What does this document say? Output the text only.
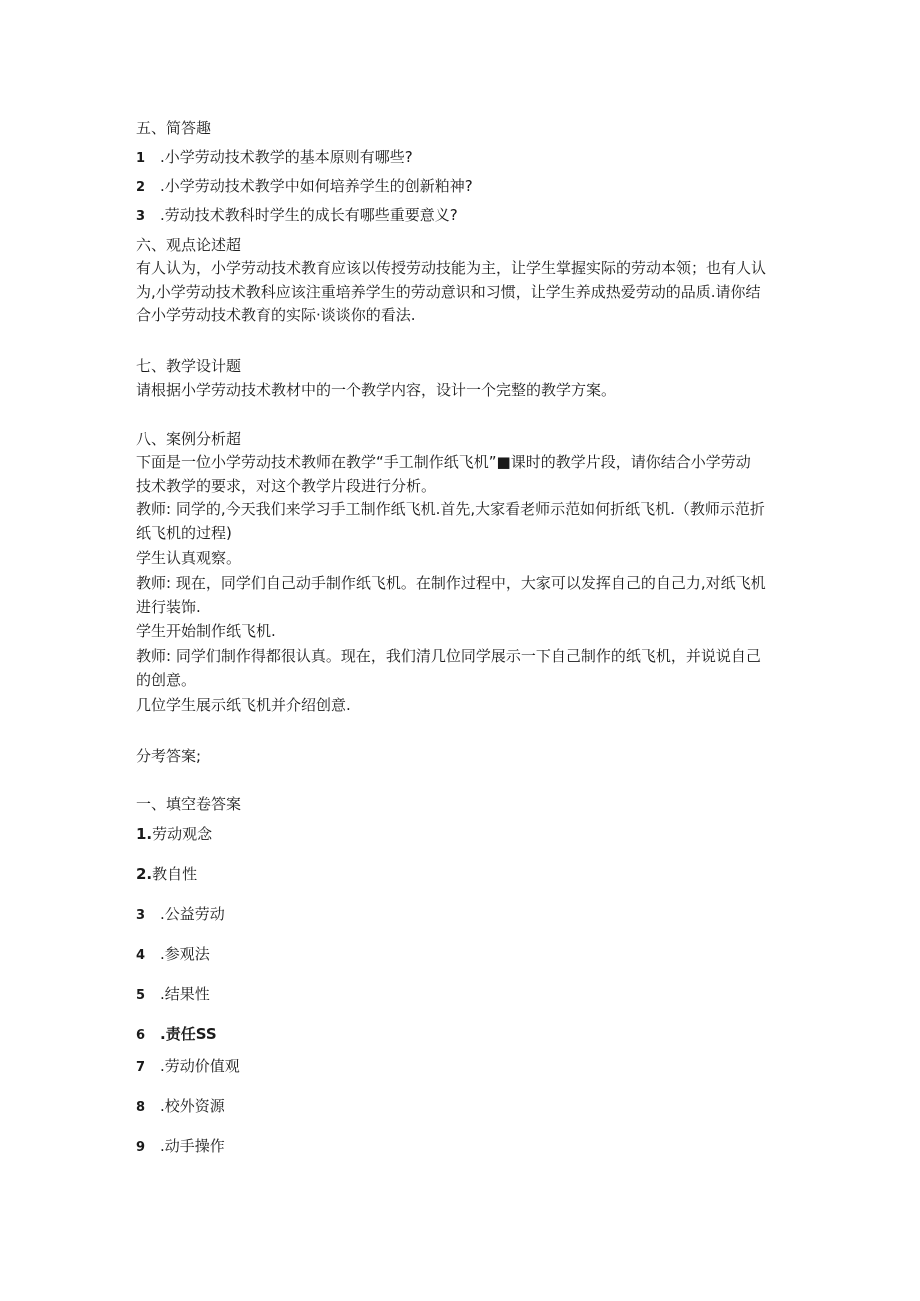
五、简答趣
1 .小学劳动技术教学的基本原则有哪些?
2 .小学劳动技术教学中如何培养学生的创新粕神?
3 .劳动技术教科时学生的成长有哪些重要意义?
六、观点论述超
有人认为，小学劳动技术教育应该以传授劳动技能为主，让学生掌握实际的劳动本领；也有人认
为,小学劳动技术教科应该注重培养学生的劳动意识和习惯，让学生养成热爱劳动的品质.请你结
合小学劳动技术教育的实际·谈谈你的看法.
七、教学设计题
请根据小学劳动技术教材中的一个教学内容，设计一个完整的教学方案。
八、案例分析超
下面是一位小学劳动技术教师在教学“手工制作纸飞机”■课时的教学片段，请你结合小学劳动
技术教学的要求，对这个教学片段进行分析。
教师: 同学的,今天我们来学习手工制作纸飞机.首先,大家看老师示范如何折纸飞机.（教师示范折
纸飞机的过程)
学生认真观察。
教师: 现在，同学们自己动手制作纸飞机。在制作过程中，大家可以发挥自己的自己力,对纸飞机
进行装饰.
学生开始制作纸飞机.
教师: 同学们制作得都很认真。现在，我们清几位同学展示一下自己制作的纸飞机，并说说自己
的创意。
几位学生展示纸飞机并介绍创意.
分考答案;
一、填空卷答案
1.劳动观念
2.教自性
3 .公益劳动
4 .参观法
5 .结果性
6 .责任SS
7 .劳动价值观
8 .校外资源
9 .动手操作
